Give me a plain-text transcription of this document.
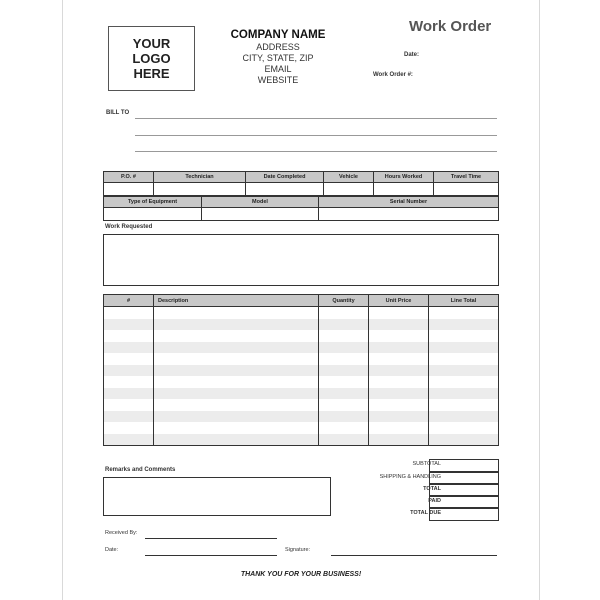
YOUR
LOGO
HERE
COMPANY NAME
ADDRESS
CITY, STATE, ZIP
EMAIL
WEBSITE
Work Order
Date:
Work Order #:
BILL TO
P.O. #	Technician	Date Completed	Vehicle	Hours Worked	Travel Time

Type of Equipment	Model	Serial Number

Work Requested
#	Description	Quantity	Unit Price	Line Total

Remarks and Comments
SUBTOTAL
SHIPPING & HANDLING
TOTAL
PAID
TOTAL DUE
Received By:
Date:	Signature:
THANK YOU FOR YOUR BUSINESS!
